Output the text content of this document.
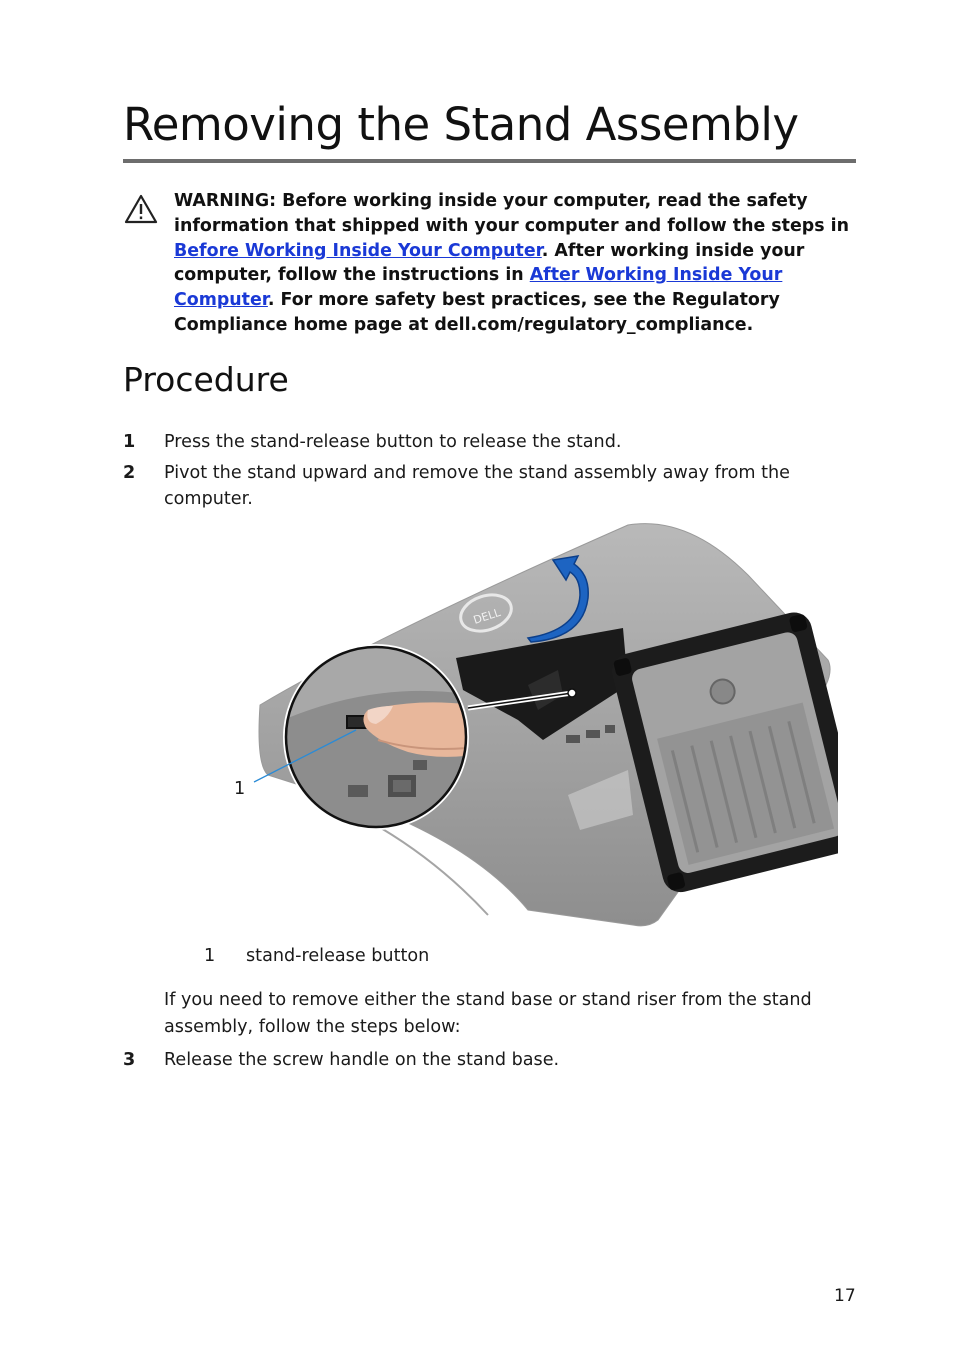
Removing the Stand Assembly

WARNING: Before working inside your computer, read the safety information that shipped with your computer and follow the steps in Before Working Inside Your Computer. After working inside your computer, follow the instructions in After Working Inside Your Computer. For more safety best practices, see the Regulatory Compliance home page at dell.com/regulatory_compliance.

Procedure
1 Press the stand-release button to release the stand.
2 Pivot the stand upward and remove the stand assembly away from the computer.
DELL
1
1 stand-release button

If you need to remove either the stand base or stand riser from the stand assembly, follow the steps below:

3 Release the screw handle on the stand base.
17
